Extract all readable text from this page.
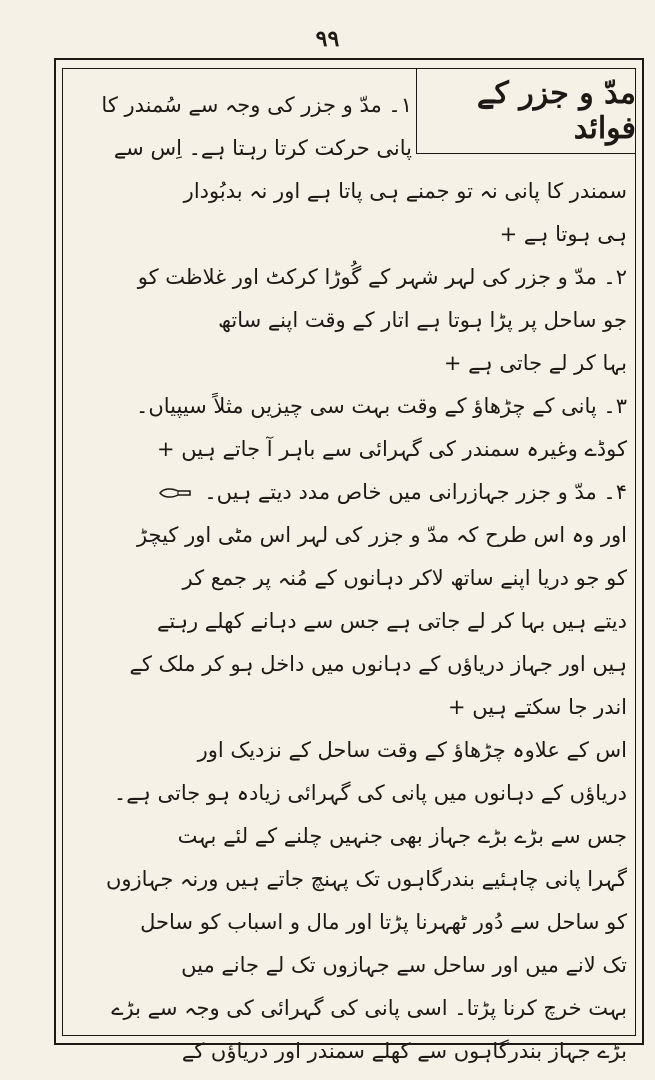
۹۹
مدّ و جزر کے فوائد
۱۔ مدّ و جزر کی وجہ سے سُمندر کا
پانی حرکت کرتا رہتا ہے۔ اِس سے
سمندر کا پانی نہ تو جمنے ہی پاتا ہے اور نہ بدبُودار
ہی ہوتا ہے +
۲۔ مدّ و جزر کی لہر شہر کے گُوڑا کرکٹ اور غلاظت کو
جو ساحل پر پڑا ہوتا ہے اتار کے وقت اپنے ساتھ
بہا کر لے جاتی ہے +
۳۔ پانی کے چڑھاؤ کے وقت بہت سی چیزیں مثلاً سیپیاں۔
کوڈے وغیرہ سمندر کی گہرائی سے باہر آ جاتے ہیں +
۴۔ مدّ و جزر جہازرانی میں خاص مدد دیتے ہیں۔
اور وہ اس طرح کہ مدّ و جزر کی لہر اس مٹی اور کیچڑ
کو جو دریا اپنے ساتھ لاکر دہانوں کے مُنہ پر جمع کر
دیتے ہیں بہا کر لے جاتی ہے جس سے دہانے کھلے رہتے
ہیں اور جہاز دریاؤں کے دہانوں میں داخل ہو کر ملک کے
اندر جا سکتے ہیں +
اس کے علاوہ چڑھاؤ کے وقت ساحل کے نزدیک اور
دریاؤں کے دہانوں میں پانی کی گہرائی زیادہ ہو جاتی ہے۔
جس سے بڑے بڑے جہاز بھی جنہیں چلنے کے لئے بہت
گہرا پانی چاہئیے بندرگاہوں تک پہنچ جاتے ہیں ورنہ جہازوں
کو ساحل سے دُور ٹھہرنا پڑتا اور مال و اسباب کو ساحل
تک لانے میں اور ساحل سے جہازوں تک لے جانے میں
بہت خرچ کرنا پڑتا۔ اسی پانی کی گہرائی کی وجہ سے بڑے
بڑے جہاز بندرگاہوں سے کھلے سمندر اور دریاؤں کے
